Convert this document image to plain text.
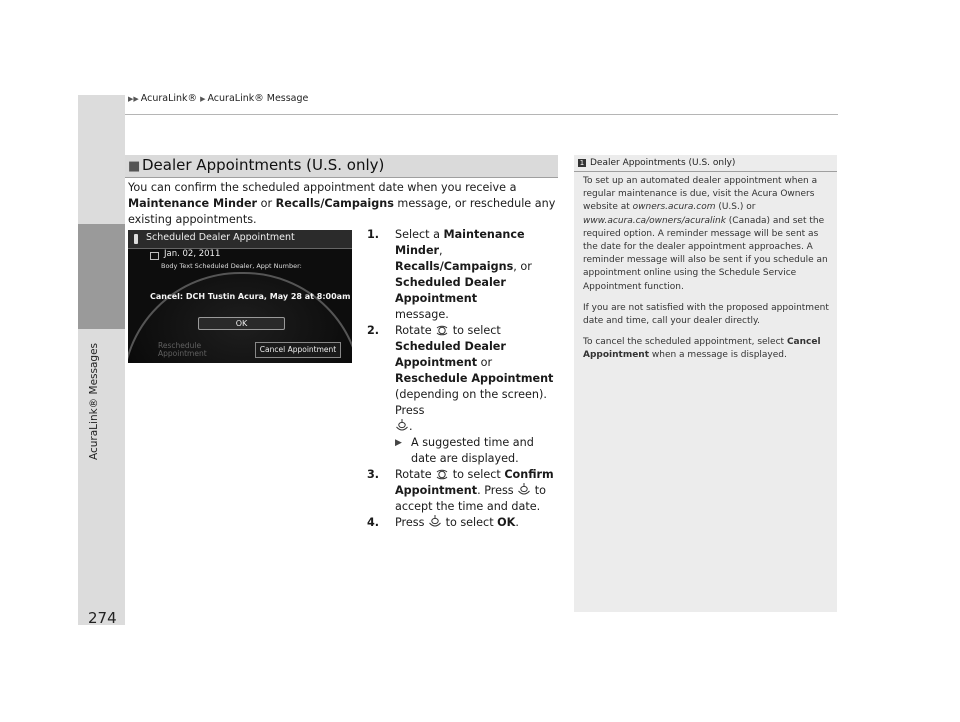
▶▶ AcuraLink® ▶ AcuraLink® Message
AcuraLink® Messages
■ Dealer Appointments (U.S. only)
You can confirm the scheduled appointment date when you receive a
Maintenance Minder or Recalls/Campaigns message, or reschedule any existing appointments.
Scheduled Dealer Appointment
Jan. 02, 2011
Body Text Scheduled Dealer, Appt Number:
Cancel: DCH Tustin Acura, May 28 at 8:00am
OK
Reschedule
Appointment	Cancel Appointment
1. Select a Maintenance Minder,
Recalls/Campaigns, or
Scheduled Dealer Appointment
message.
2. Rotate  to select Scheduled Dealer Appointment or
Reschedule Appointment
(depending on the screen). Press
.
▶ A suggested time and date are displayed.
3. Rotate  to select Confirm Appointment. Press  to accept the time and date.
4. Press  to select OK.
1 Dealer Appointments (U.S. only)

To set up an automated dealer appointment when a regular maintenance is due, visit the Acura Owners website at owners.acura.com (U.S.) or www.acura.ca/owners/acuralink (Canada) and set the required option. A reminder message will be sent as the date for the dealer appointment approaches. A reminder message will also be sent if you schedule an appointment online using the Schedule Service Appointment function.

If you are not satisfied with the proposed appointment date and time, call your dealer directly.

To cancel the scheduled appointment, select Cancel Appointment when a message is displayed.

274
